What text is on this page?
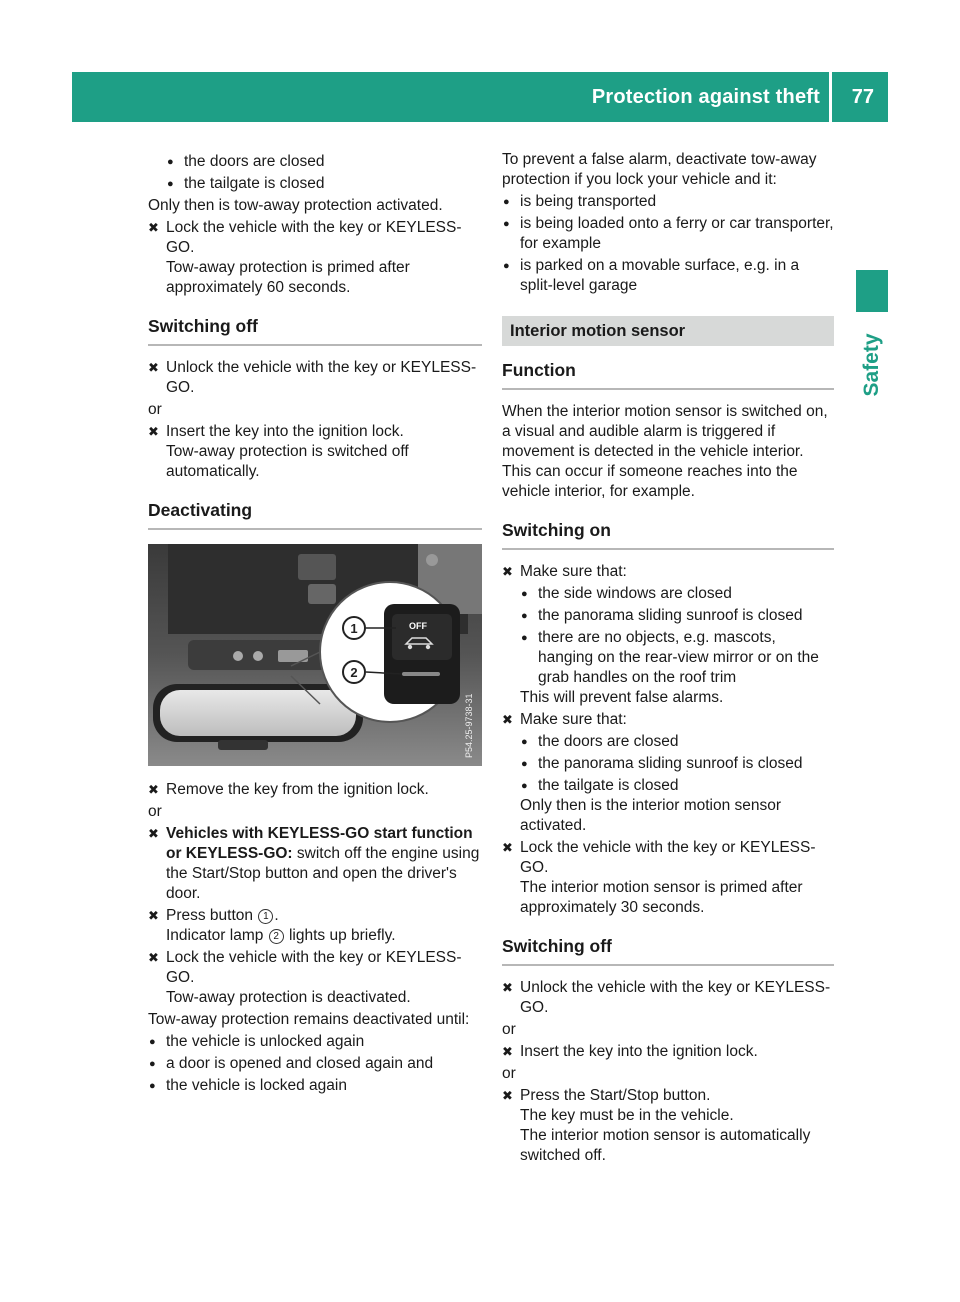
Protection against theft 77
Safety
● the doors are closed
● the tailgate is closed

Only then is tow-away protection activated.

✖ Lock the vehicle with the key or KEYLESS-GO.

Tow-away protection is primed after approximately 60 seconds.

Switching off
✖ Unlock the vehicle with the key or KEYLESS-GO.

or

✖ Insert the key into the ignition lock.

Tow-away protection is switched off automatically.

Deactivating
OFF
1
2
P54.25-9738-31
✖ Remove the key from the ignition lock.

or

✖ Vehicles with KEYLESS-GO start function or KEYLESS-GO: switch off the engine using the Start/Stop button and open the driver's door.
✖ Press button 1 .

Indicator lamp 2 lights up briefly.

✖ Lock the vehicle with the key or KEYLESS-GO.

Tow-away protection is deactivated.

Tow-away protection remains deactivated until:

● the vehicle is unlocked again
● a door is opened and closed again and
● the vehicle is locked again

To prevent a false alarm, deactivate tow-away protection if you lock your vehicle and it:

● is being transported
● is being loaded onto a ferry or car transporter, for example
● is parked on a movable surface, e.g. in a split-level garage
Interior motion sensor
Function

When the interior motion sensor is switched on, a visual and audible alarm is triggered if movement is detected in the vehicle interior. This can occur if someone reaches into the vehicle interior, for example.

Switching on
✖ Make sure that:
● the side windows are closed
● the panorama sliding sunroof is closed
● there are no objects, e.g. mascots, hanging on the rear-view mirror or on the grab handles on the roof trim

This will prevent false alarms.

✖ Make sure that:
● the doors are closed
● the panorama sliding sunroof is closed
● the tailgate is closed

Only then is the interior motion sensor activated.

✖ Lock the vehicle with the key or KEYLESS-GO.

The interior motion sensor is primed after approximately 30 seconds.

Switching off
✖ Unlock the vehicle with the key or KEYLESS-GO.

or

✖ Insert the key into the ignition lock.

or

✖ Press the Start/Stop button.

The key must be in the vehicle.

The interior motion sensor is automatically switched off.
